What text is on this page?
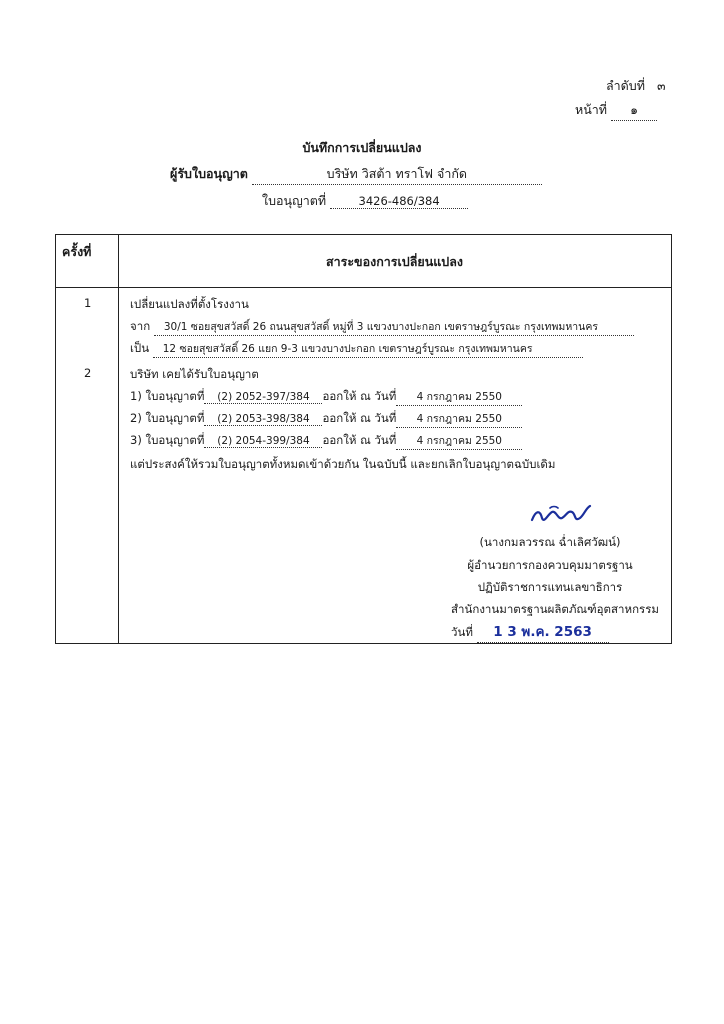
ลำดับที่ ๓
หน้าที่ ๑
บันทึกการเปลี่ยนแปลง
ผู้รับใบอนุญาต	บริษัท วิสต้า ทราโฟ จำกัด
ใบอนุญาตที่	3426-486/384
ครั้งที่
สาระของการเปลี่ยนแปลง
1	เปลี่ยนแปลงที่ตั้งโรงงาน
จาก 30/1 ซอยสุขสวัสดิ์ 26 ถนนสุขสวัสดิ์ หมู่ที่ 3 แขวงบางปะกอก เขตราษฎร์บูรณะ กรุงเทพมหานคร
เป็น 12 ซอยสุขสวัสดิ์ 26 แยก 9-3 แขวงบางปะกอก เขตราษฎร์บูรณะ กรุงเทพมหานคร
2	บริษัท เคยได้รับใบอนุญาต
1) ใบอนุญาตที่ (2) 2052-397/384 ออกให้ ณ วันที่ 4 กรกฎาคม 2550
2) ใบอนุญาตที่ (2) 2053-398/384 ออกให้ ณ วันที่ 4 กรกฎาคม 2550
3) ใบอนุญาตที่ (2) 2054-399/384 ออกให้ ณ วันที่ 4 กรกฎาคม 2550
แต่ประสงค์ให้รวมใบอนุญาตทั้งหมดเข้าด้วยกัน ในฉบับนี้ และยกเลิกใบอนุญาตฉบับเดิม
(นางกมลวรรณ ฉ่ำเลิศวัฒน์)
ผู้อำนวยการกองควบคุมมาตรฐาน
ปฏิบัติราชการแทนเลขาธิการ
สำนักงานมาตรฐานผลิตภัณฑ์อุตสาหกรรม
วันที่ 1 3 พ.ค. 2563
